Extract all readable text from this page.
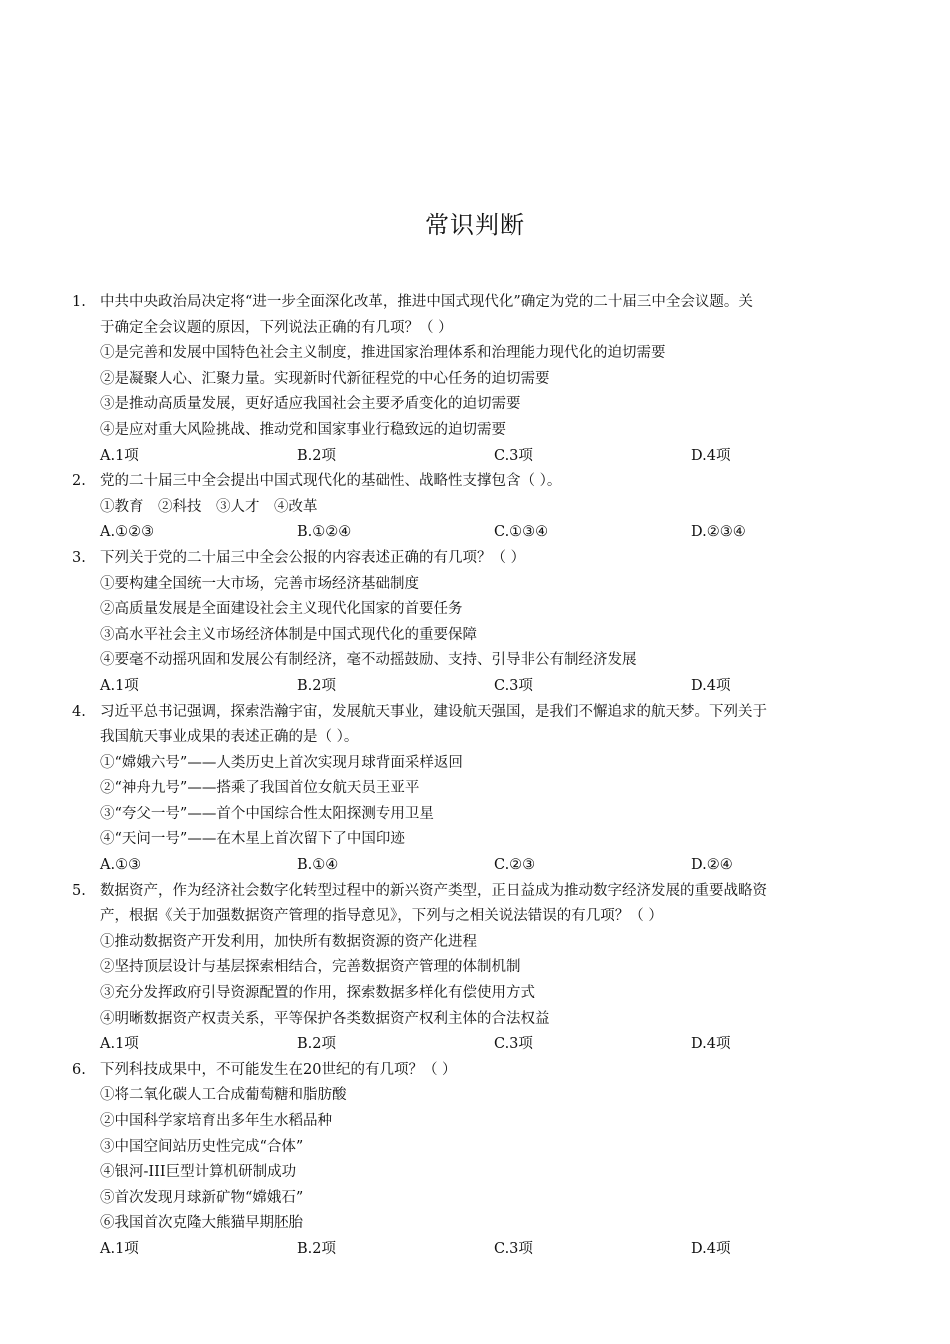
常识判断
1. 中共中央政治局决定将“进一步全面深化改革，推进中国式现代化”确定为党的二十届三中全会议题。关
于确定全会议题的原因，下列说法正确的有几项？（ ）
①是完善和发展中国特色社会主义制度，推进国家治理体系和治理能力现代化的迫切需要
②是凝聚人心、汇聚力量。实现新时代新征程党的中心任务的迫切需要
③是推动高质量发展，更好适应我国社会主要矛盾变化的迫切需要
④是应对重大风险挑战、推动党和国家事业行稳致远的迫切需要
A.1项	B.2项	C.3项	D.4项
2. 党的二十届三中全会提出中国式现代化的基础性、战略性支撑包含（ ）。
①教育　②科技　③人才　④改革
A.①②③	B.①②④	C.①③④	D.②③④
3. 下列关于党的二十届三中全会公报的内容表述正确的有几项？（ ）
①要构建全国统一大市场，完善市场经济基础制度
②高质量发展是全面建设社会主义现代化国家的首要任务
③高水平社会主义市场经济体制是中国式现代化的重要保障
④要毫不动摇巩固和发展公有制经济，毫不动摇鼓励、支持、引导非公有制经济发展
A.1项	B.2项	C.3项	D.4项
4. 习近平总书记强调，探索浩瀚宇宙，发展航天事业，建设航天强国，是我们不懈追求的航天梦。下列关于
我国航天事业成果的表述正确的是（ ）。
①“嫦娥六号”——人类历史上首次实现月球背面采样返回
②“神舟九号”——搭乘了我国首位女航天员王亚平
③“夸父一号”——首个中国综合性太阳探测专用卫星
④“天问一号”——在木星上首次留下了中国印迹
A.①③	B.①④	C.②③	D.②④
5. 数据资产，作为经济社会数字化转型过程中的新兴资产类型，正日益成为推动数字经济发展的重要战略资
产，根据《关于加强数据资产管理的指导意见》，下列与之相关说法错误的有几项？（ ）
①推动数据资产开发利用，加快所有数据资源的资产化进程
②坚持顶层设计与基层探索相结合，完善数据资产管理的体制机制
③充分发挥政府引导资源配置的作用，探索数据多样化有偿使用方式
④明晰数据资产权责关系，平等保护各类数据资产权利主体的合法权益
A.1项	B.2项	C.3项	D.4项
6. 下列科技成果中，不可能发生在20世纪的有几项？（ ）
①将二氧化碳人工合成葡萄糖和脂肪酸
②中国科学家培育出多年生水稻品种
③中国空间站历史性完成“合体”
④银河-III巨型计算机研制成功
⑤首次发现月球新矿物“嫦娥石”
⑥我国首次克隆大熊猫早期胚胎
A.1项	B.2项	C.3项	D.4项
